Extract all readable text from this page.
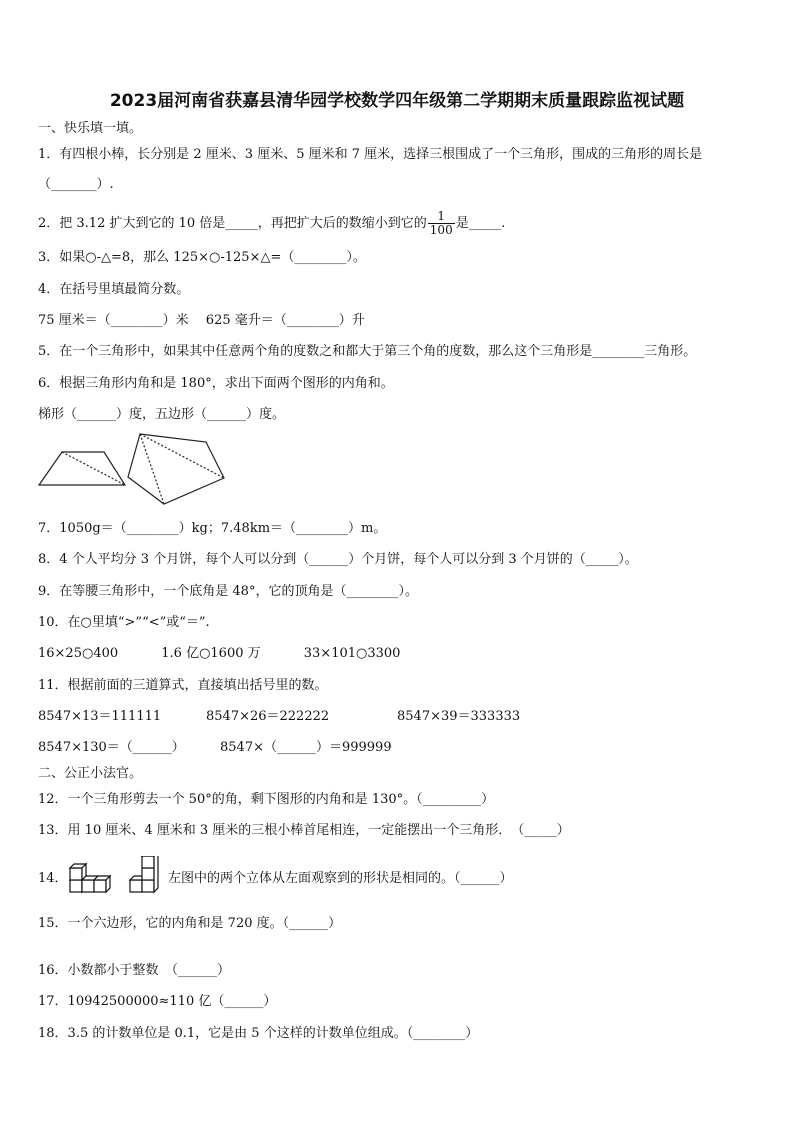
2023届河南省获嘉县清华园学校数学四年级第二学期期末质量跟踪监视试题
一、快乐填一填。
1．有四根小棒，长分别是 2 厘米、3 厘米、5 厘米和 7 厘米，选择三根围成了一个三角形，围成的三角形的周长是
（_______）.
2．把 3.12 扩大到它的 10 倍是_____，再把扩大后的数缩小到它的 $\frac{1}{100}$ 是_____.
3．如果○-△=8，那么 125×○-125×△=（________）。
4．在括号里填最简分数。
75 厘米＝（________）米　 625 毫升＝（________）升
5．在一个三角形中，如果其中任意两个角的度数之和都大于第三个角的度数，那么这个三角形是________三角形。
6．根据三角形内角和是 180°，求出下面两个图形的内角和。
梯形（______）度，五边形（______）度。
7．1050g＝（________）kg；7.48km＝（________）m。
8．4 个人平均分 3 个月饼，每个人可以分到（______）个月饼，每个人可以分到 3 个月饼的（_____）。
9．在等腰三角形中，一个底角是 48°，它的顶角是（________）。
10．在○里填“>”“<”或“＝”.
16×25○400　　　 1.6 亿○1600 万　　　 33×101○3300
11．根据前面的三道算式，直接填出括号里的数。
8547×13＝111111	8547×26＝222222	8547×39＝333333
8547×130＝（______）	8547×（______）＝999999
二、公正小法官。
12．一个三角形剪去一个 50°的角，剩下图形的内角和是 130°。（_________）
13．用 10 厘米、4 厘米和 3 厘米的三根小棒首尾相连，一定能摆出一个三角形．　（_____）
14．	左图中的两个立体从左面观察到的形状是相同的。（______）
15．一个六边形，它的内角和是 720 度。（______）
16．小数都小于整数　（______）
17．10942500000≈110 亿（______）
18．3.5 的计数单位是 0.1，它是由 5 个这样的计数单位组成。（________）
